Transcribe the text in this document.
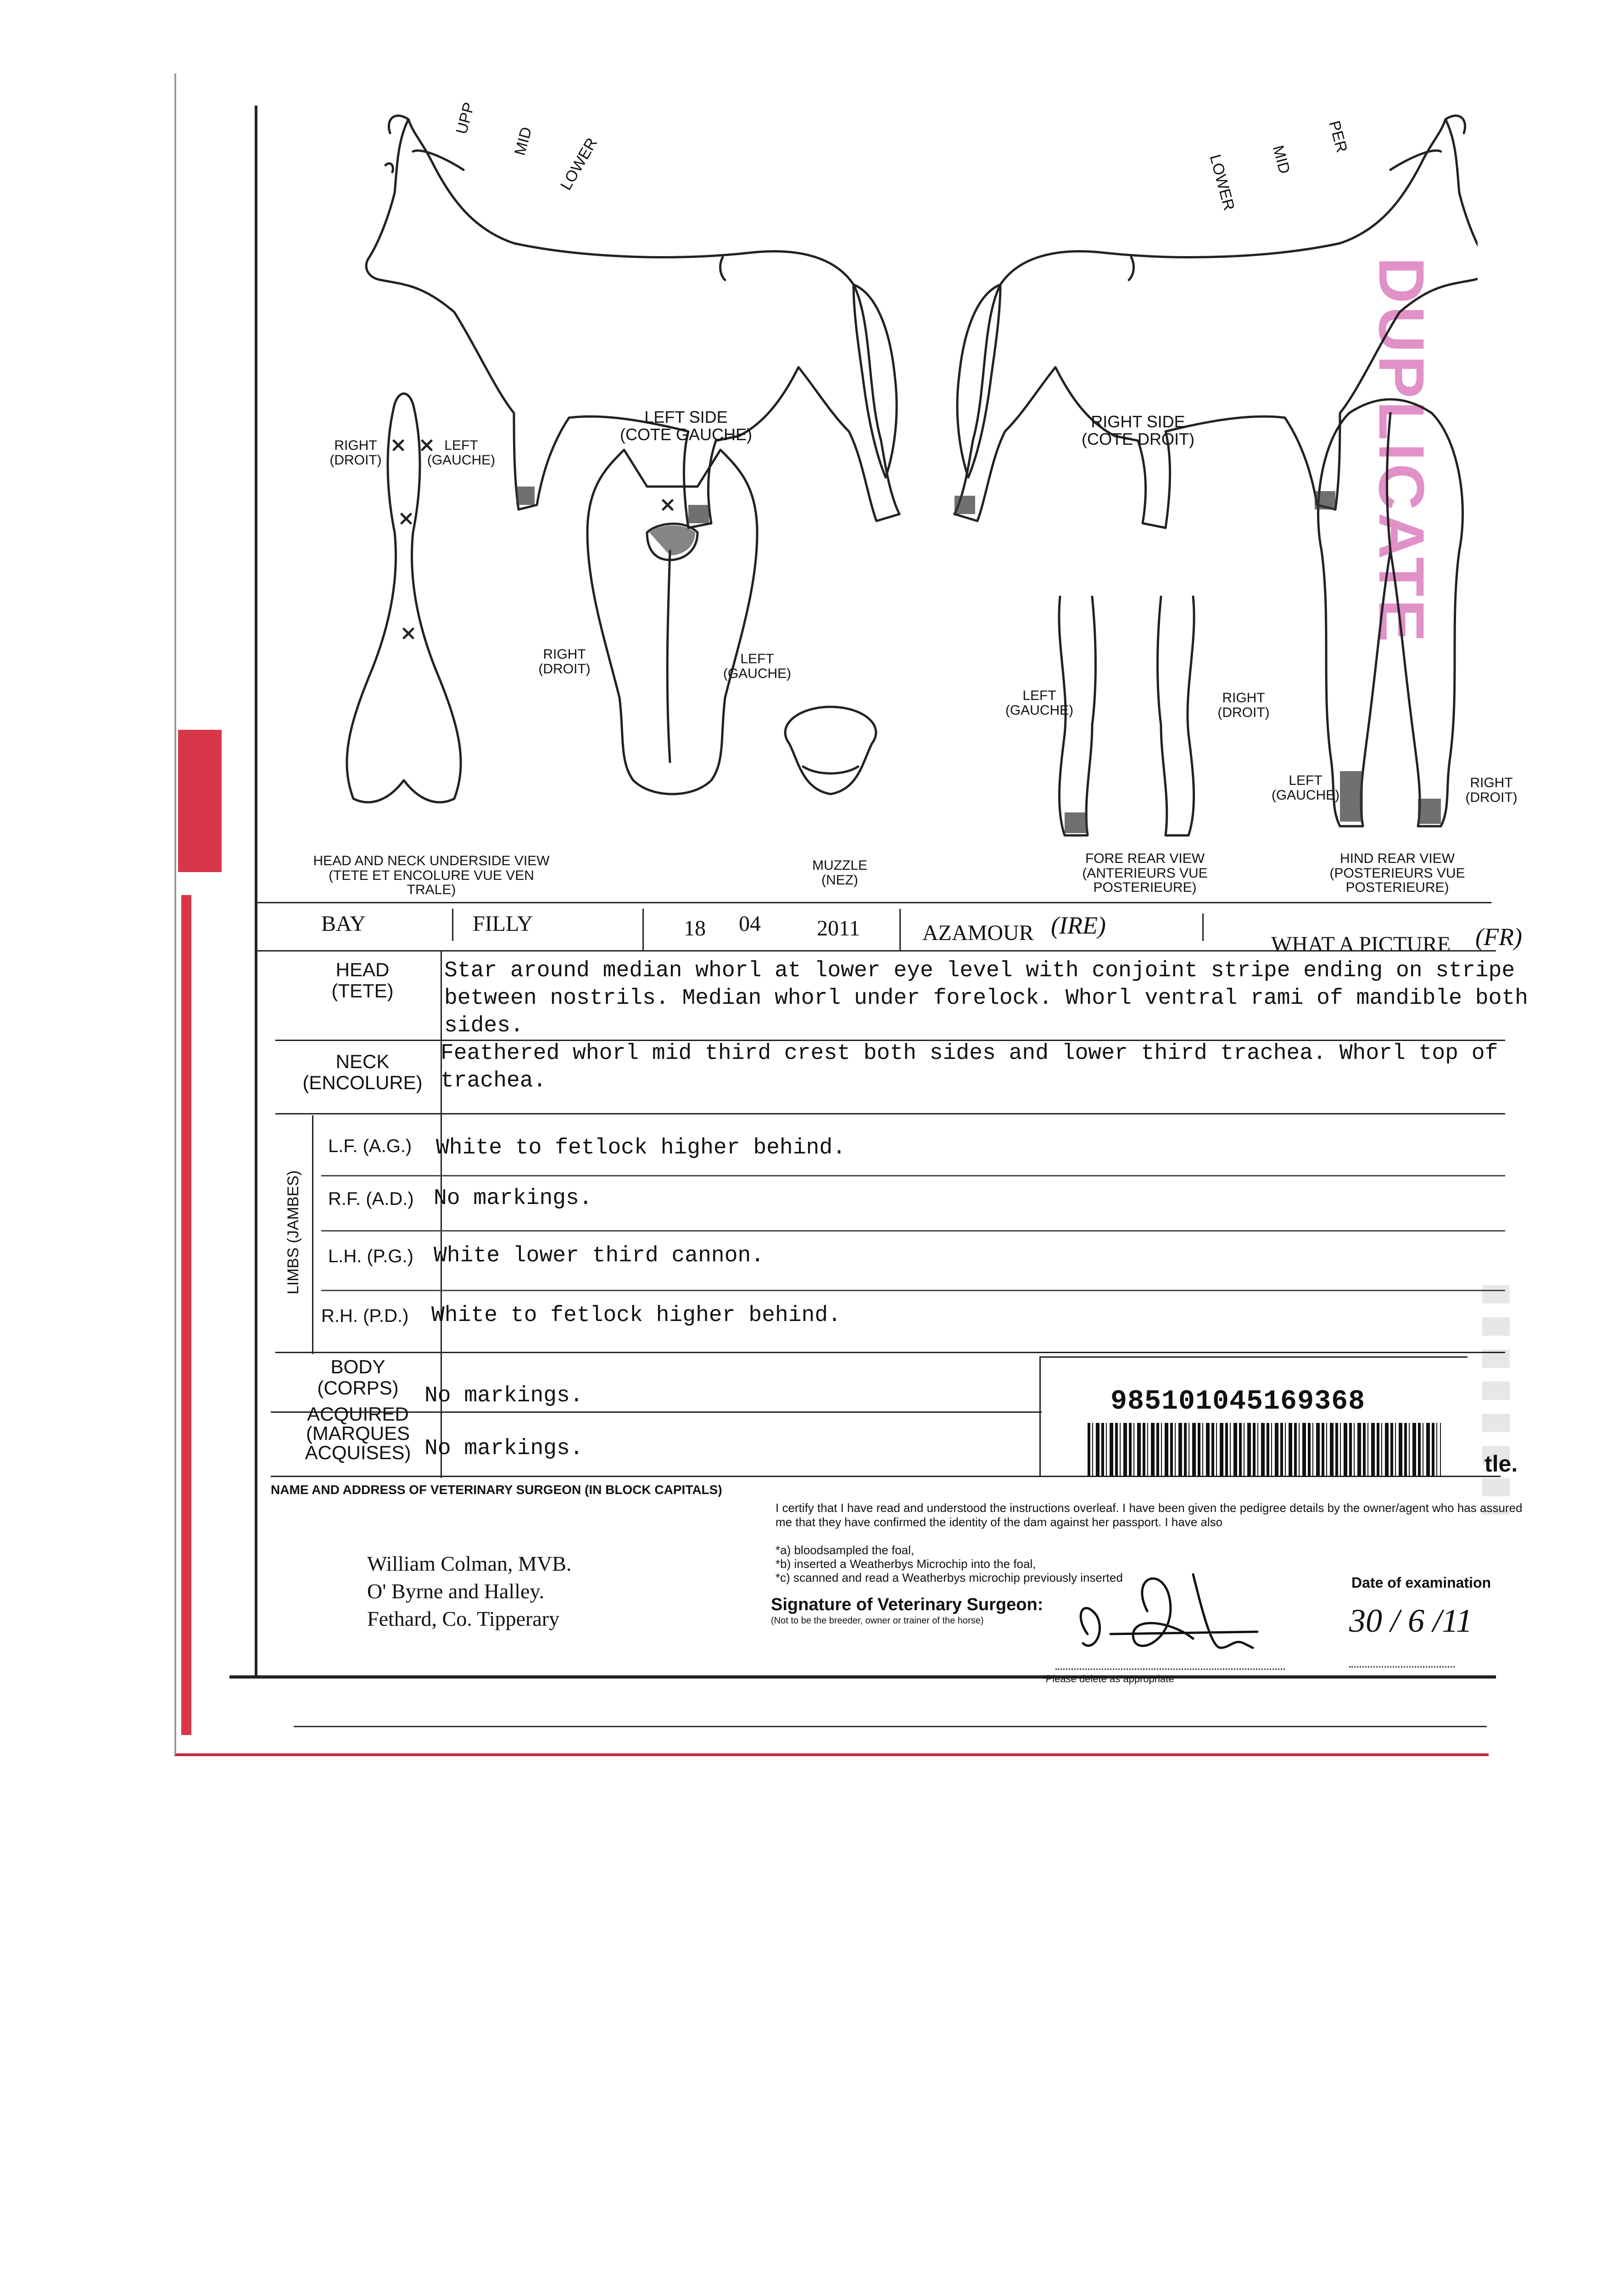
DUPLICATE
UPP
MID LOWER	LOWER MID
PER
LEFT SIDE
(COTE GAUCHE)
RIGHT SIDE
(COTE DROIT)
RIGHT
(DROIT)
LEFT
(GAUCHE)
RIGHT
(DROIT)
LEFT
(GAUCHE)
HEAD AND NECK UNDERSIDE VIEW
(TETE ET ENCOLURE VUE VEN TRALE)
MUZZLE
(NEZ)
LEFT
(GAUCHE)
RIGHT
(DROIT)
FORE REAR VIEW
(ANTERIEURS VUE
POSTERIEURE)
LEFT
(GAUCHE)
RIGHT
(DROIT)
HIND REAR VIEW
(POSTERIEURS VUE
POSTERIEURE)
BAY	FILLY	18 04	2011	AZAMOUR (IRE)
WHAT A PICTURE (FR)
HEAD
(TETE)
Star around median whorl at lower eye level with conjoint stripe ending on stripe
between nostrils. Median whorl under forelock. Whorl ventral rami of mandible both
sides.
NECK
(ENCOLURE)
Feathered whorl mid third crest both sides and lower third trachea. Whorl top of
trachea.
LIMBS (JAMBES)
L.F. (A.G.) White to fetlock higher behind.
R.F. (A.D.) No markings.
L.H. (P.G.) White lower third cannon.
R.H. (P.D.) White to fetlock higher behind.
BODY
(CORPS)	No markings.
ACQUIRED
(MARQUES
ACQUISES) No markings.
985101045169368
tle.
NAME AND ADDRESS OF VETERINARY SURGEON (IN BLOCK CAPITALS)
William Colman, MVB.
O' Byrne and Halley.
Fethard, Co. Tipperary
I certify that I have read and understood the instructions overleaf. I have been given the pedigree details by the owner/agent who has assured me that they have confirmed the identity of the dam against her passport. I have also
*a) bloodsampled the foal,
*b) inserted a Weatherbys Microchip into the foal,
*c) scanned and read a Weatherbys microchip previously inserted
Signature of Veterinary Surgeon:
(Not to be the breeder, owner or trainer of the horse)
*Please delete as appropriate
Date of examination
30 / 6 /11
